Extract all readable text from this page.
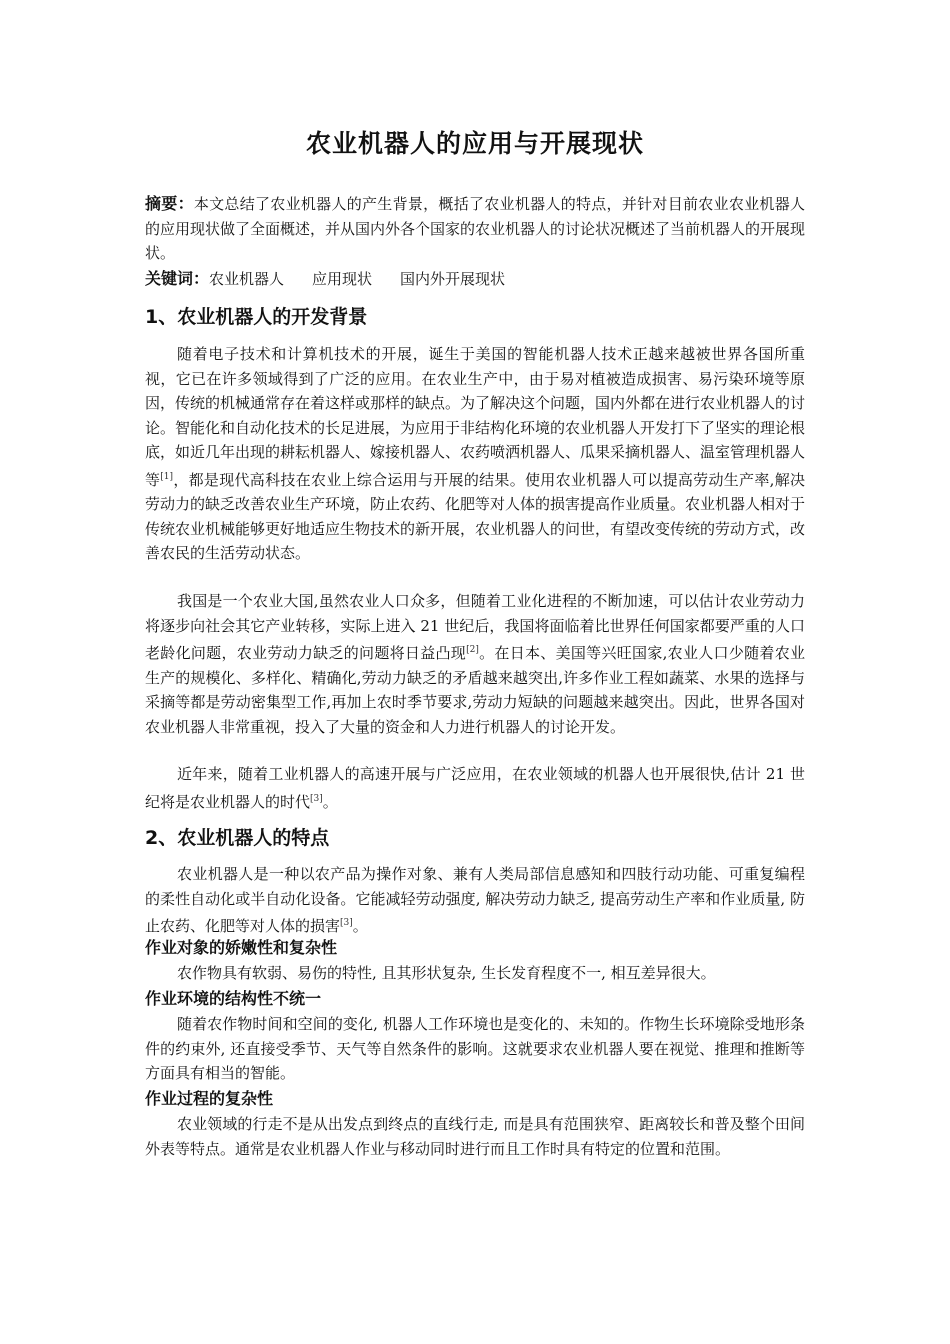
农业机器人的应用与开展现状
摘要：本文总结了农业机器人的产生背景，概括了农业机器人的特点，并针对目前农业农业机器人的应用现状做了全面概述，并从国内外各个国家的农业机器人的讨论状况概述了当前机器人的开展现状。
关键词：农业机器人 应用现状 国内外开展现状
1、农业机器人的开发背景
随着电子技术和计算机技术的开展，诞生于美国的智能机器人技术正越来越被世界各国所重视，它已在许多领域得到了广泛的应用。在农业生产中，由于易对植被造成损害、易污染环境等原因，传统的机械通常存在着这样或那样的缺点。为了解决这个问题，国内外都在进行农业机器人的讨论。智能化和自动化技术的长足进展，为应用于非结构化环境的农业机器人开发打下了坚实的理论根底，如近几年出现的耕耘机器人、嫁接机器人、农药喷洒机器人、瓜果采摘机器人、温室管理机器人等[1]，都是现代高科技在农业上综合运用与开展的结果。使用农业机器人可以提高劳动生产率,解决劳动力的缺乏改善农业生产环境，防止农药、化肥等对人体的损害提高作业质量。农业机器人相对于传统农业机械能够更好地适应生物技术的新开展，农业机器人的问世，有望改变传统的劳动方式，改善农民的生活劳动状态。
我国是一个农业大国,虽然农业人口众多，但随着工业化进程的不断加速，可以估计农业劳动力将逐步向社会其它产业转移，实际上进入 21 世纪后，我国将面临着比世界任何国家都要严重的人口老龄化问题，农业劳动力缺乏的问题将日益凸现[2]。在日本、美国等兴旺国家,农业人口少随着农业生产的规模化、多样化、精确化,劳动力缺乏的矛盾越来越突出,许多作业工程如蔬菜、水果的选择与采摘等都是劳动密集型工作,再加上农时季节要求,劳动力短缺的问题越来越突出。因此，世界各国对农业机器人非常重视，投入了大量的资金和人力进行机器人的讨论开发。
近年来，随着工业机器人的高速开展与广泛应用，在农业领域的机器人也开展很快,估计 21 世纪将是农业机器人的时代[3]。
2、农业机器人的特点
农业机器人是一种以农产品为操作对象、兼有人类局部信息感知和四肢行动功能、可重复编程的柔性自动化或半自动化设备。它能减轻劳动强度, 解决劳动力缺乏, 提高劳动生产率和作业质量, 防止农药、化肥等对人体的损害[3]。
作业对象的娇嫩性和复杂性
农作物具有软弱、易伤的特性, 且其形状复杂, 生长发育程度不一, 相互差异很大。
作业环境的结构性不统一
随着农作物时间和空间的变化, 机器人工作环境也是变化的、未知的。作物生长环境除受地形条件的约束外, 还直接受季节、天气等自然条件的影响。这就要求农业机器人要在视觉、推理和推断等方面具有相当的智能。
作业过程的复杂性
农业领域的行走不是从出发点到终点的直线行走, 而是具有范围狭窄、距离较长和普及整个田间外表等特点。通常是农业机器人作业与移动同时进行而且工作时具有特定的位置和范围。
